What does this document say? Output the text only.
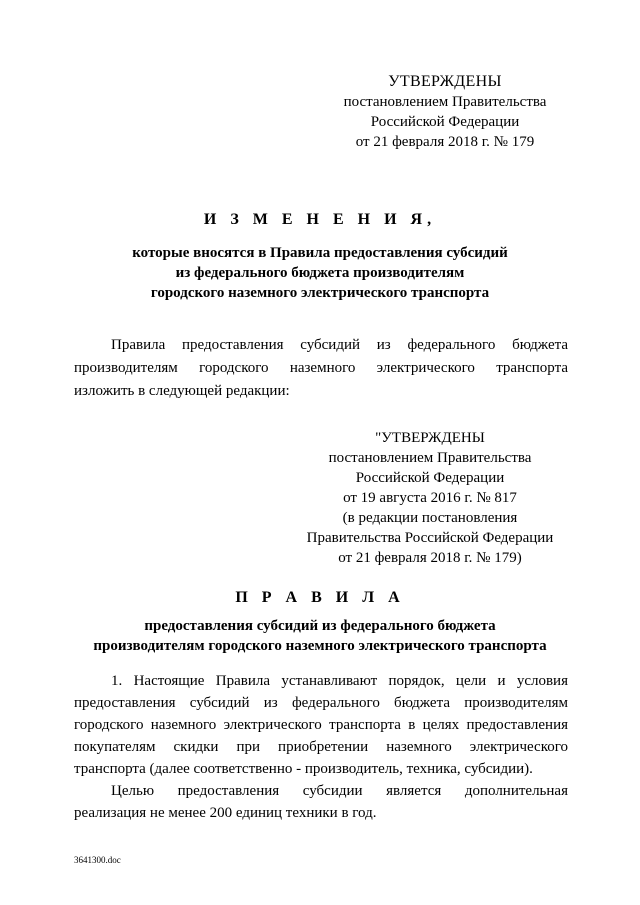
УТВЕРЖДЕНЫ
постановлением Правительства
Российской Федерации
от 21 февраля 2018 г. № 179
И З М Е Н Е Н И Я,
которые вносятся в Правила предоставления субсидий
из федерального бюджета производителям
городского наземного электрического транспорта
Правила предоставления субсидий из федерального бюджета
производителям городского наземного электрического транспорта
изложить в следующей редакции:
"УТВЕРЖДЕНЫ
постановлением Правительства
Российской Федерации
от 19 августа 2016 г. № 817
(в редакции постановления
Правительства Российской Федерации
от 21 февраля 2018 г. № 179)
П Р А В И Л А
предоставления субсидий из федерального бюджета
производителям городского наземного электрического транспорта
1. Настоящие Правила устанавливают порядок, цели и условия
предоставления субсидий из федерального бюджета производителям
городского наземного электрического транспорта в целях предоставления
покупателям скидки при приобретении наземного электрического
транспорта (далее соответственно - производитель, техника, субсидии).
Целью предоставления субсидии является дополнительная
реализация не менее 200 единиц техники в год.
3641300.doc
